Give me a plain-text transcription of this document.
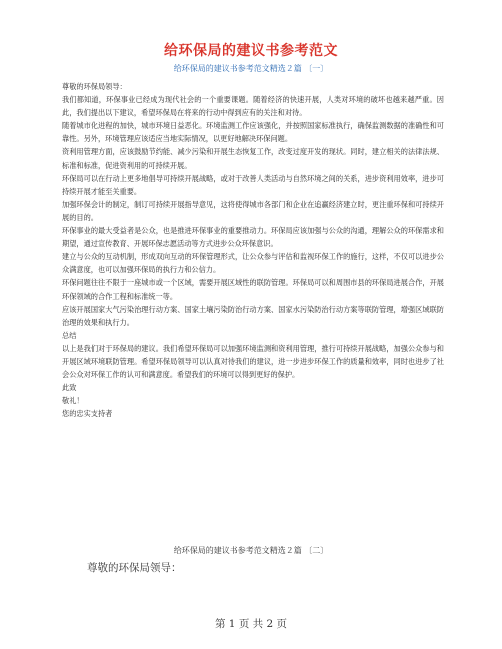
给环保局的建议书参考范文
给环保局的建议书参考范文精选２篇 〔一〕

尊敬的环保局领导：

我们都知道，环保事业已经成为现代社会的一个重要课题。随着经济的快速开展，人类对环境的破坏也越来越严重。因此，我们提出以下建议，希望环保局在将来的行动中得到应有的关注和对待。

随着城市化进程的加快，城市环境日益恶化。环境监测工作应该强化，并按照国家标准执行，确保监测数据的准确性和可靠性。另外，环境管理应该适应当地实际情况，以更好地解决环保问题。

资利用管理方面，应该鼓励节约能、减少污染和开展生态恢复工作，改变过度开发的现状。同时，建立相关的法律法规、标准和标准，促进资利用的可持续开展。

环保局可以在行动上更多地倡导可持续开展战略，或对于改善人类活动与自然环境之间的关系，进步资利用效率，进步可持续开展才能至关重要。

加强环保会计的制定，制订可持续开展指导意见，这将使得城市各部门和企业在追赢经济建立时，更注重环保和可持续开展的目的。

环保事业的最大受益者是公众，也是推进环保事业的重要推动力。环保局应该加强与公众的沟通，理解公众的环保需求和期望，通过宣传教育、开展环保志愿活动等方式进步公众环保意识。

建立与公众的互动机制，形成双向互动的环保管理形式，让公众参与评估和监视环保工作的施行，这样，不仅可以进步公众满意度，也可以加强环保局的执行力和公信力。

环保问题往往不限于一座城市或一个区域，需要开展区域性的联防管理。环保局可以和周围市县的环保局进展合作，开展环保领域的合作工程和标准统一等。

应该开展国家大气污染治理行动方案、国家土壤污染防治行动方案、国家水污染防治行动方案等联防管理，增强区域联防治理的效果和执行力。

总结

以上是我们对于环保局的建议。我们希望环保局可以加强环境监测和资利用管理，推行可持续开展战略，加强公众参与和开展区域环境联防管理。希望环保局领导可以认真对待我们的建议，进一步进步环保工作的质量和效率，同时也进步了社会公众对环保工作的认可和满意度。希望我们的环境可以得到更好的保护。

此致

敬礼！

您的忠实支持者

给环保局的建议书参考范文精选２篇 〔二〕
尊敬的环保局领导：
第 1 页 共 2 页
